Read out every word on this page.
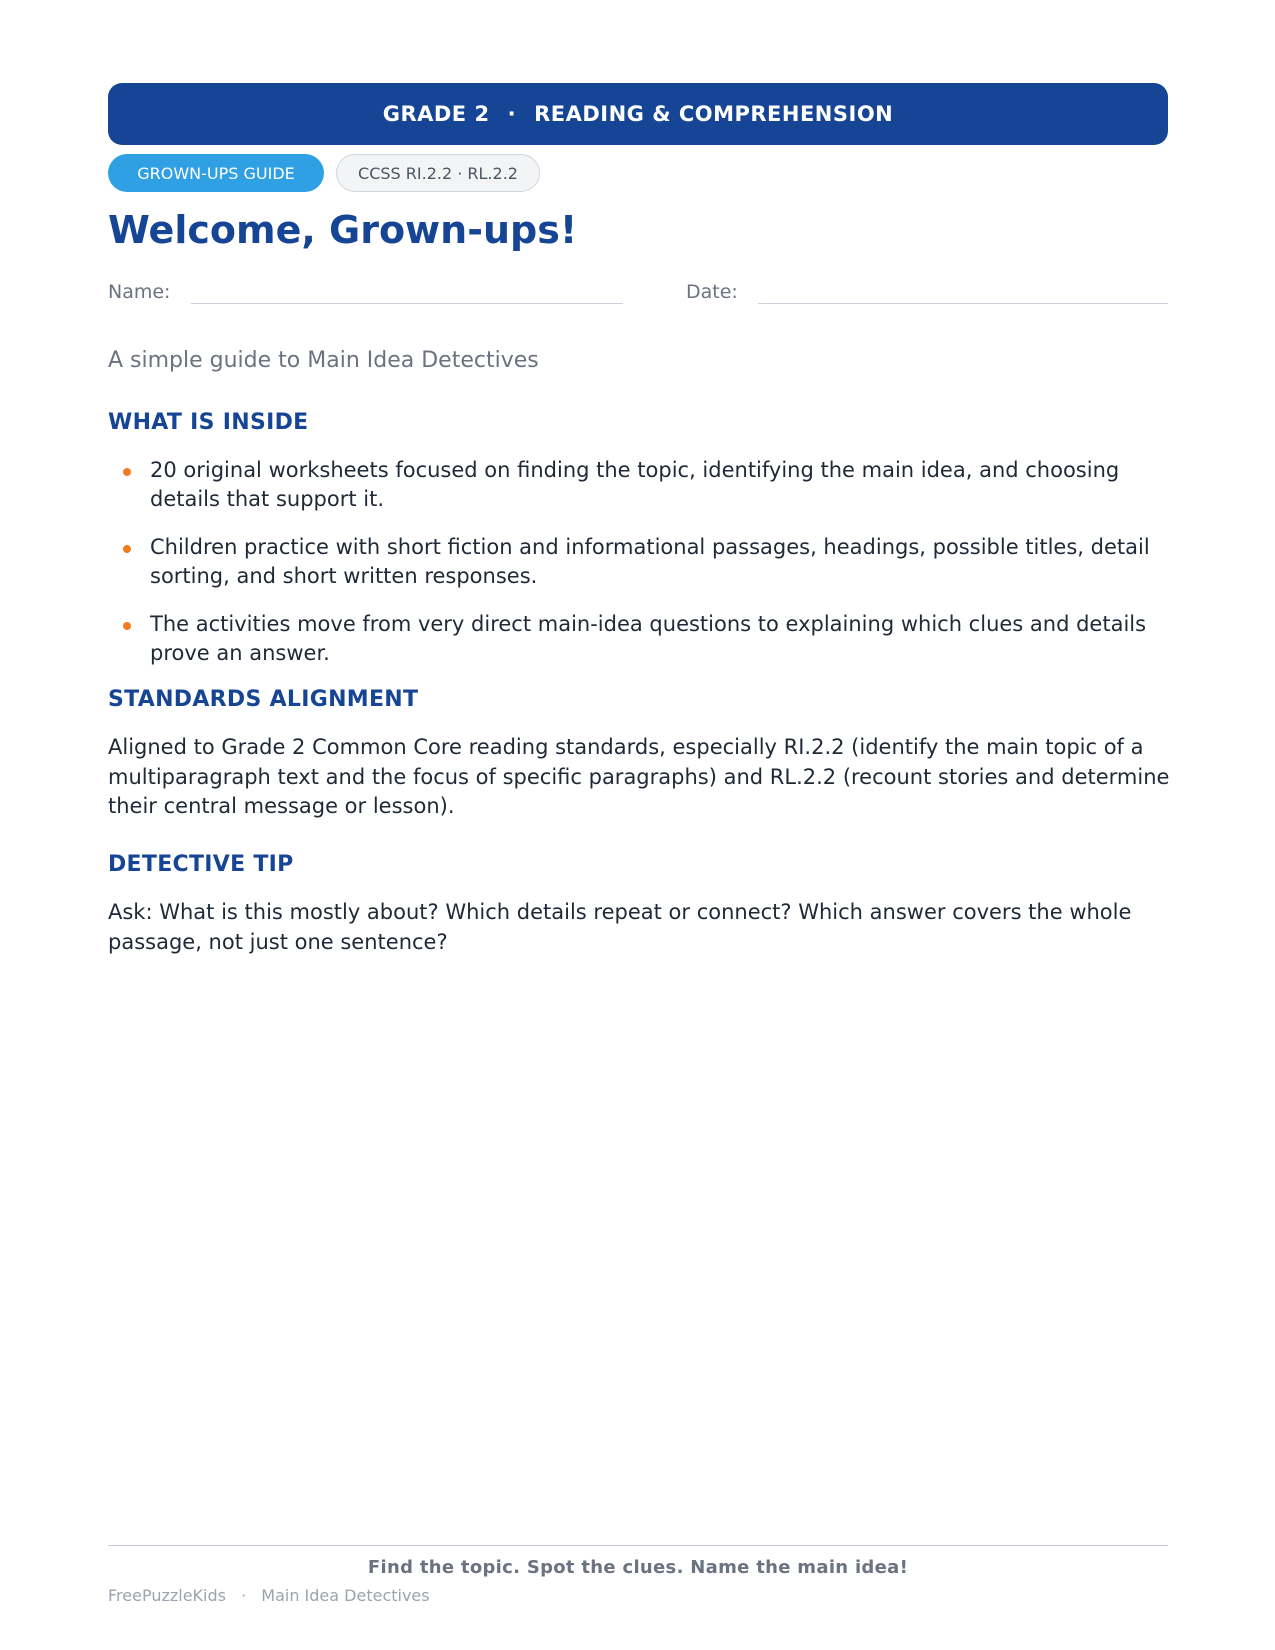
GRADE 2 · READING & COMPREHENSION
GROWN-UPS GUIDE	CCSS RI.2.2 · RL.2.2
Welcome, Grown-ups!
Name:	Date:
A simple guide to Main Idea Detectives
WHAT IS INSIDE
20 original worksheets focused on finding the topic, identifying the main idea, and choosing details that support it.
Children practice with short fiction and informational passages, headings, possible titles, detail sorting, and short written responses.
The activities move from very direct main-idea questions to explaining which clues and details prove an answer.
STANDARDS ALIGNMENT

Aligned to Grade 2 Common Core reading standards, especially RI.2.2 (identify the main topic of a multiparagraph text and the focus of specific paragraphs) and RL.2.2 (recount stories and determine their central message or lesson).

DETECTIVE TIP

Ask: What is this mostly about? Which details repeat or connect? Which answer covers the whole passage, not just one sentence?

Find the topic. Spot the clues. Name the main idea!
FreePuzzleKids · Main Idea Detectives
